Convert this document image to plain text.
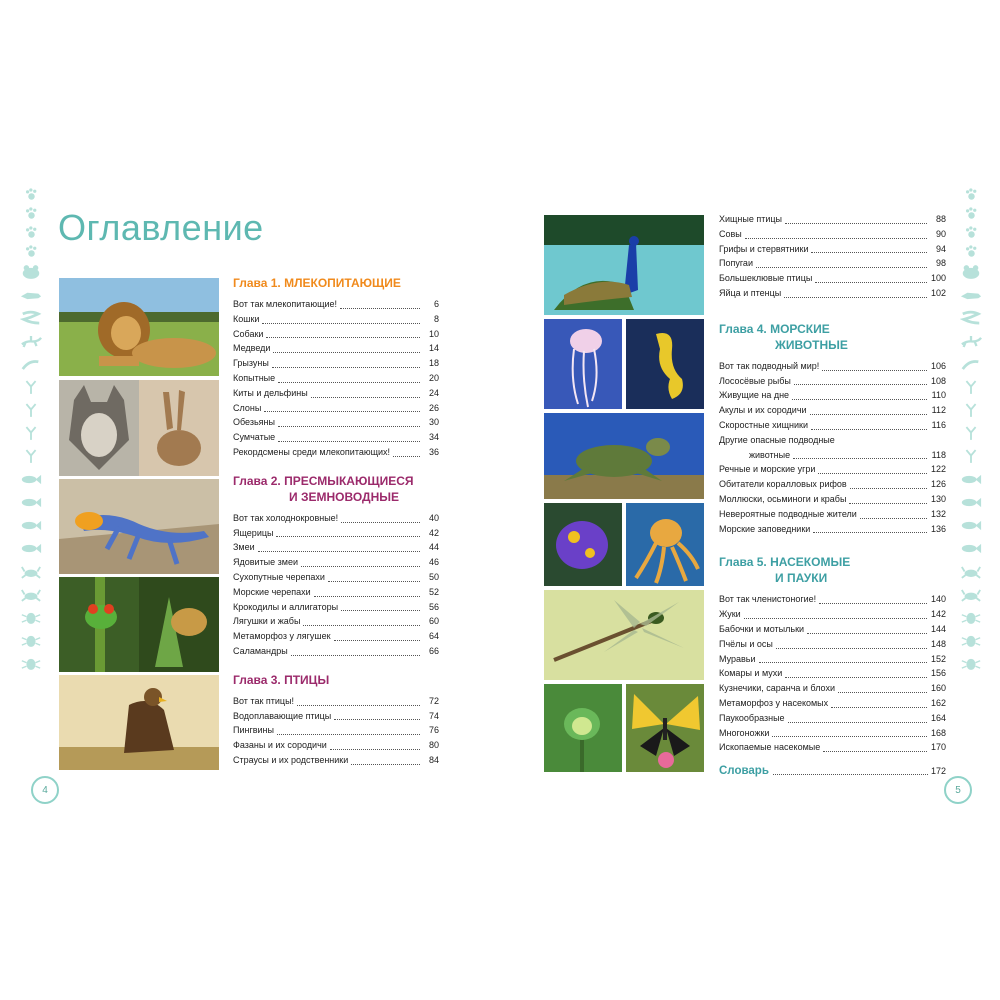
4	5
Оглавление
Глава 1. МЛЕКОПИТАЮЩИЕ
Вот так млекопитающие!	6
Кошки	8
Собаки	10
Медведи	14
Грызуны	18
Копытные	20
Киты и дельфины	24
Слоны	26
Обезьяны	30
Сумчатые	34
Рекордсмены среди млекопитающих!	36
Глава 2. ПРЕСМЫКАЮЩИЕСЯ
И ЗЕМНОВОДНЫЕ
Вот так холоднокровные!	40
Ящерицы	42
Змеи	44
Ядовитые змеи	46
Сухопутные черепахи	50
Морские черепахи	52
Крокодилы и аллигаторы	56
Лягушки и жабы	60
Метаморфоз у лягушек	64
Саламандры	66
Глава 3. ПТИЦЫ
Вот так птицы!	72
Водоплавающие птицы	74
Пингвины	76
Фазаны и их сородичи	80
Страусы и их родственники	84
Хищные птицы	88
Совы	90
Грифы и стервятники	94
Попугаи	98
Большеклювые птицы	100
Яйца и птенцы	102
Глава 4. МОРСКИЕ
ЖИВОТНЫЕ
Вот так подводный мир!	106
Лососёвые рыбы	108
Живущие на дне	110
Акулы и их сородичи	112
Скоростные хищники	116
Другие опасные подводные
животные	118
Речные и морские угри	122
Обитатели коралловых рифов	126
Моллюски, осьминоги и крабы	130
Невероятные подводные жители	132
Морские заповедники	136
Глава 5. НАСЕКОМЫЕ
И ПАУКИ
Вот так членистоногие!	140
Жуки	142
Бабочки и мотыльки	144
Пчёлы и осы	148
Муравьи	152
Комары и мухи	156
Кузнечики, саранча и блохи	160
Метаморфоз у насекомых	162
Паукообразные	164
Многоножки	168
Ископаемые насекомые	170
Словарь	172
